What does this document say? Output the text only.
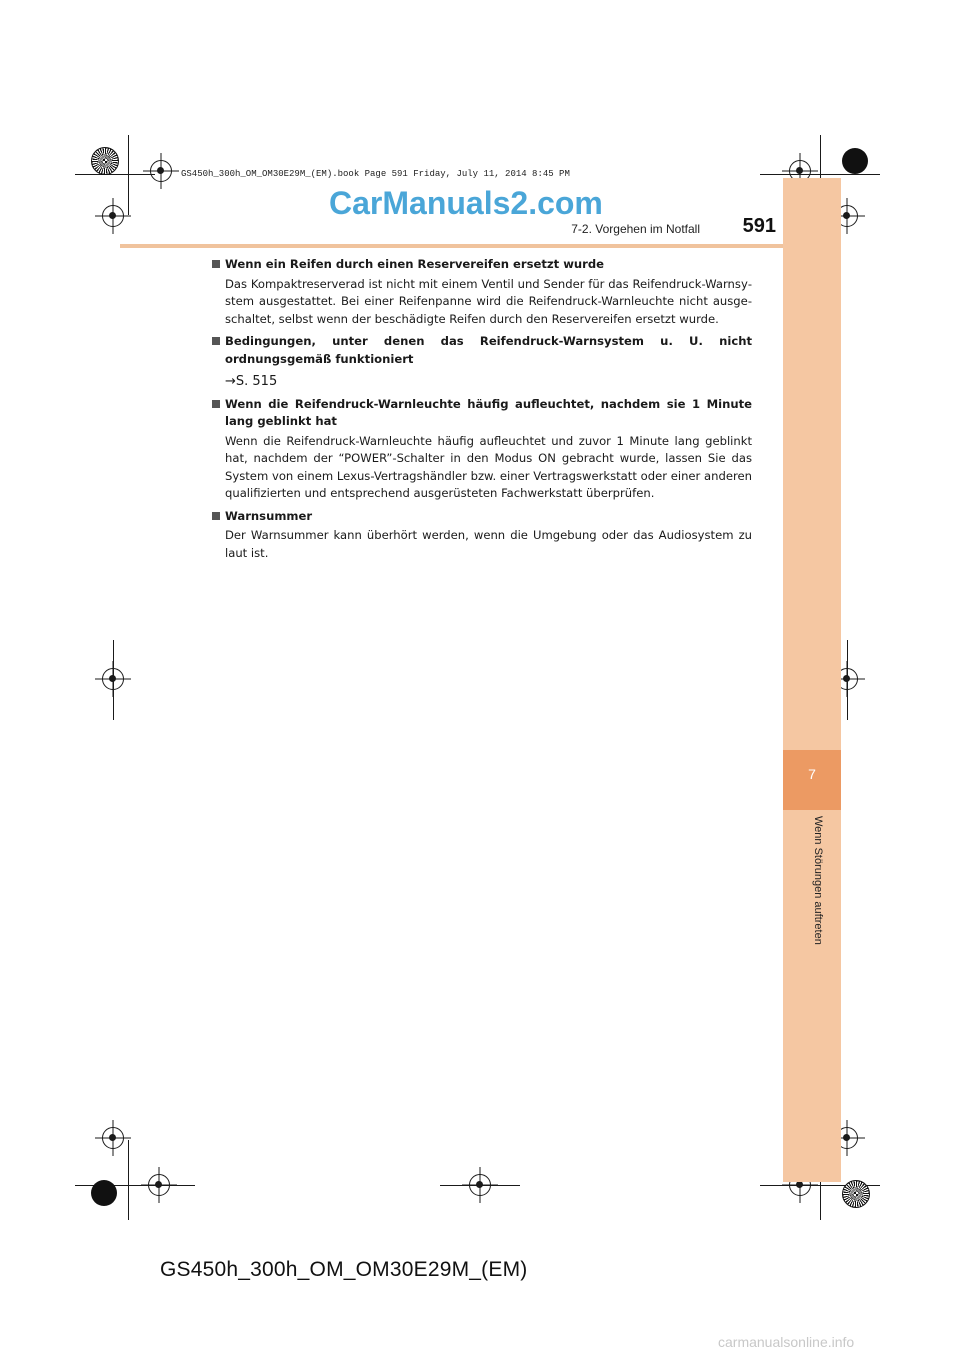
7
Wenn Störungen auftreten
GS450h_300h_OM_OM30E29M_(EM).book Page 591 Friday, July 11, 2014 8:45 PM
CarManuals2.com
7-2. Vorgehen im Notfall	591
Wenn ein Reifen durch einen Reservereifen ersetzt wurde
Das Kompaktreserverad ist nicht mit einem Ventil und Sender für das Reifendruck-Warnsystem ausgestattet. Bei einer Reifenpanne wird die Reifendruck-Warnleuchte nicht ausgeschaltet, selbst wenn der beschädigte Reifen durch den Reservereifen ersetzt wurde.
Bedingungen, unter denen das Reifendruck-Warnsystem u. U. nicht ordnungsgemäß funktioniert
→S. 515
Wenn die Reifendruck-Warnleuchte häufig aufleuchtet, nachdem sie 1 Minute lang geblinkt hat
Wenn die Reifendruck-Warnleuchte häufig aufleuchtet und zuvor 1 Minute lang geblinkt hat, nachdem der “POWER”-Schalter in den Modus ON gebracht wurde, lassen Sie das System von einem Lexus-Vertragshändler bzw. einer Vertragswerkstatt oder einer anderen qualifizierten und entsprechend ausgerüsteten Fachwerkstatt überprüfen.
Warnsummer
Der Warnsummer kann überhört werden, wenn die Umgebung oder das Audiosystem zu laut ist.
GS450h_300h_OM_OM30E29M_(EM)
carmanualsonline.info
